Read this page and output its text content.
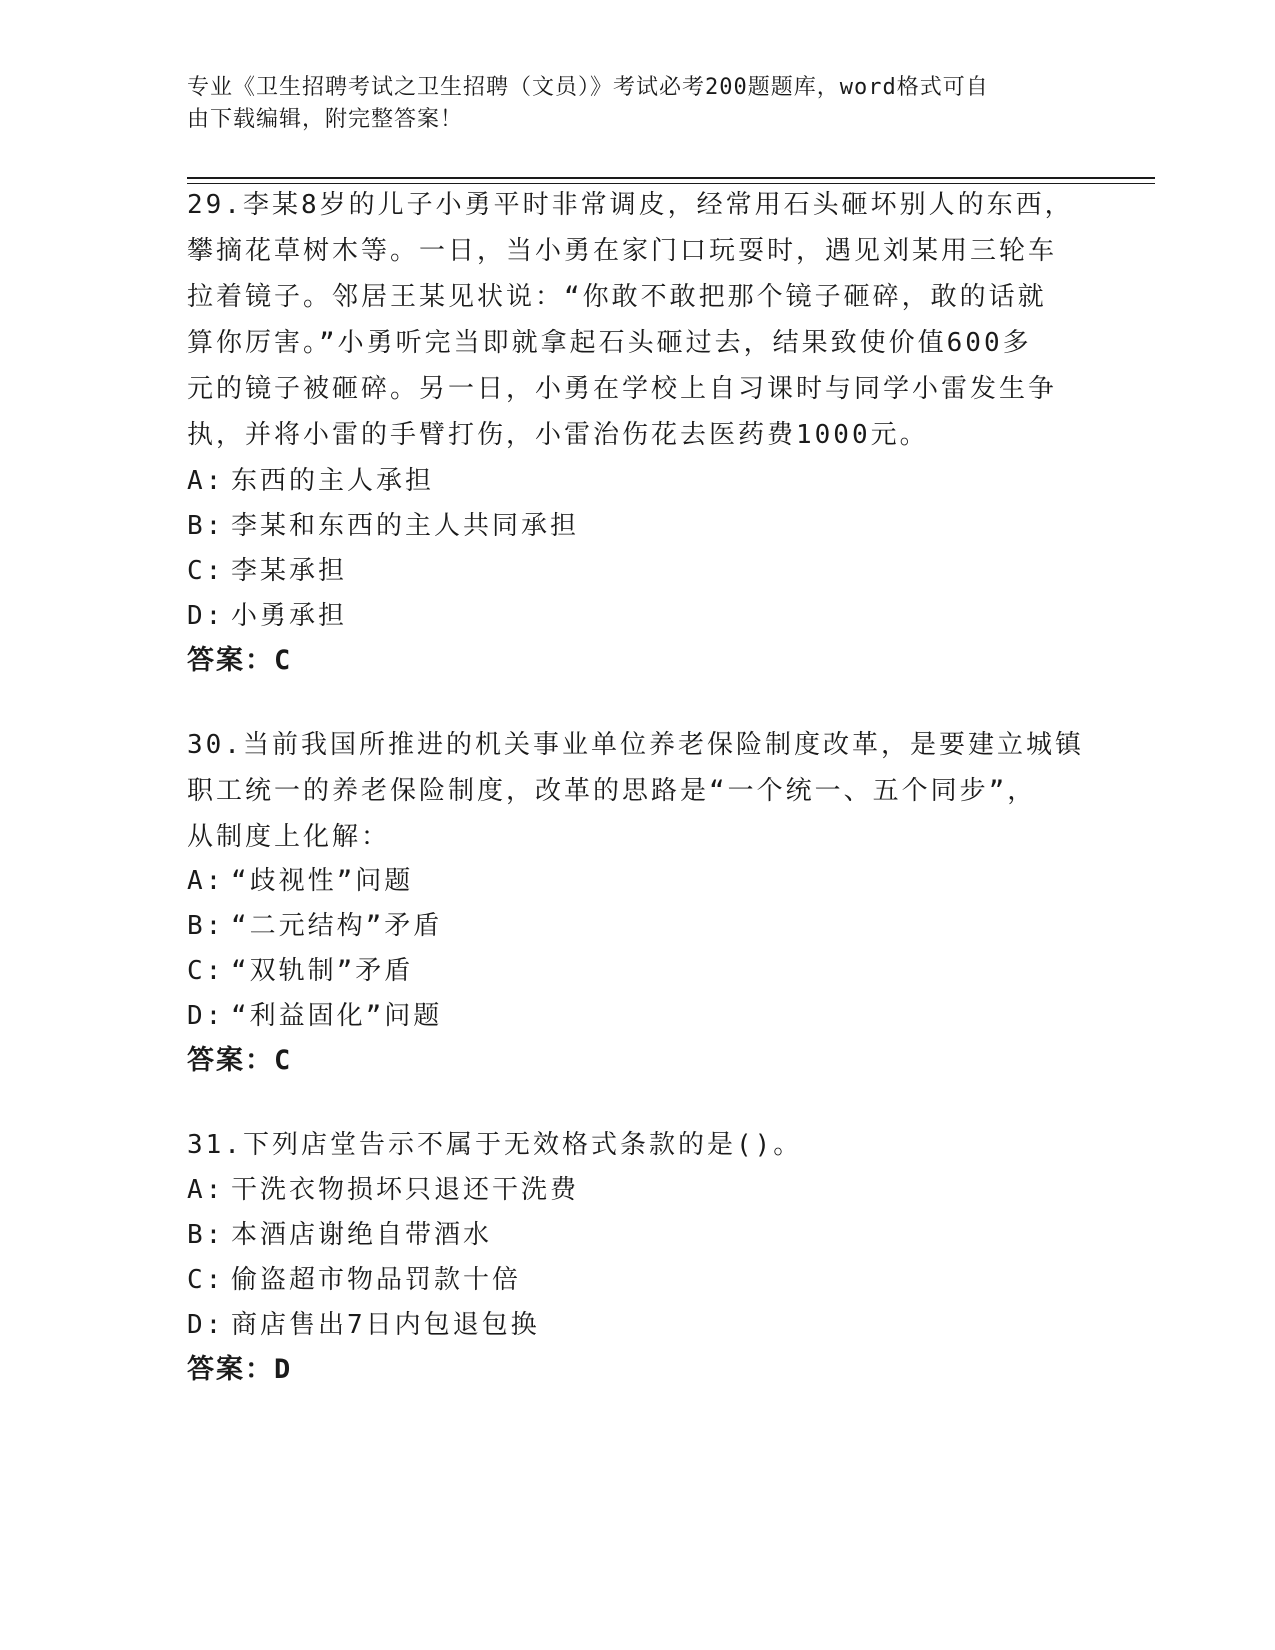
专业《卫生招聘考试之卫生招聘（文员）》考试必考200题题库，word格式可自
由下载编辑，附完整答案！
29.李某8岁的儿子小勇平时非常调皮，经常用石头砸坏别人的东西，
攀摘花草树木等。一日，当小勇在家门口玩耍时，遇见刘某用三轮车
拉着镜子。邻居王某见状说：“你敢不敢把那个镜子砸碎，敢的话就
算你厉害。”小勇听完当即就拿起石头砸过去，结果致使价值600多
元的镜子被砸碎。另一日，小勇在学校上自习课时与同学小雷发生争
执，并将小雷的手臂打伤，小雷治伤花去医药费1000元。
A: 东西的主人承担
B: 李某和东西的主人共同承担
C: 李某承担
D: 小勇承担
答案：C
30.当前我国所推进的机关事业单位养老保险制度改革，是要建立城镇
职工统一的养老保险制度，改革的思路是“一个统一、五个同步”，
从制度上化解：
A: “歧视性”问题
B: “二元结构”矛盾
C: “双轨制”矛盾
D: “利益固化”问题
答案：C
31.下列店堂告示不属于无效格式条款的是()。
A: 干洗衣物损坏只退还干洗费
B: 本酒店谢绝自带酒水
C: 偷盗超市物品罚款十倍
D: 商店售出7日内包退包换
答案：D
